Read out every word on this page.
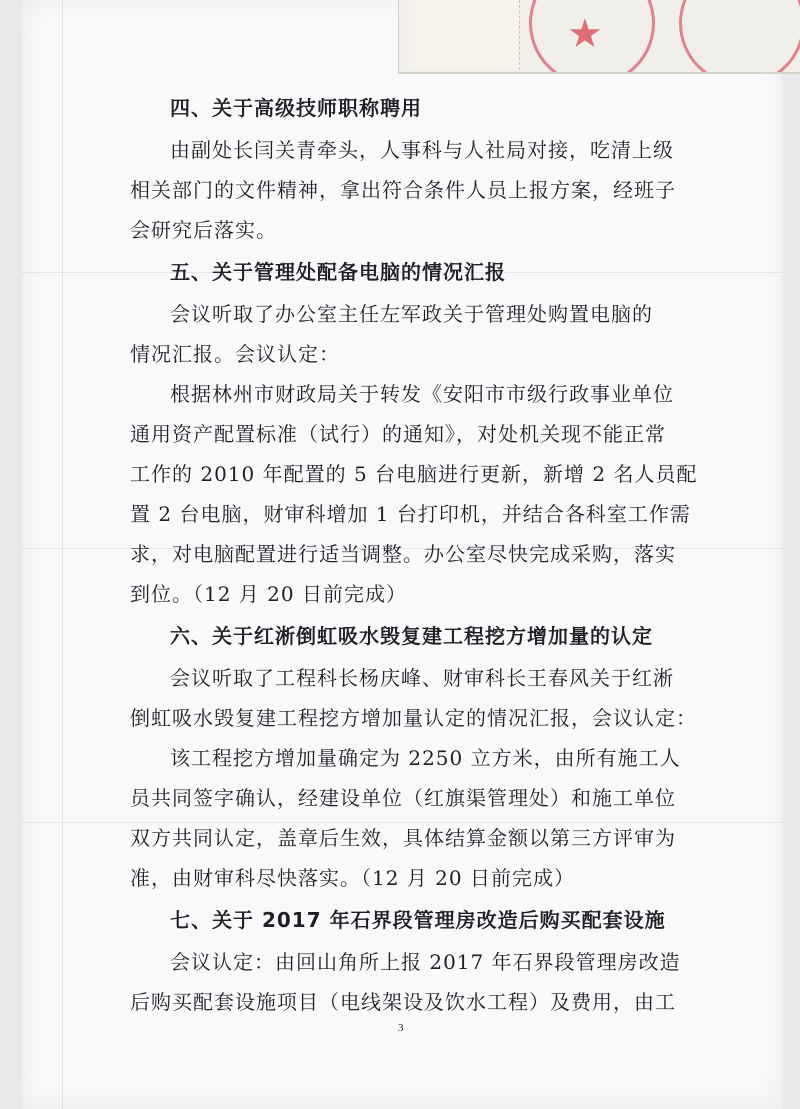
★
四、关于高级技师职称聘用
由副处长闫关青牵头，人事科与人社局对接，吃清上级
相关部门的文件精神，拿出符合条件人员上报方案，经班子
会研究后落实。
五、关于管理处配备电脑的情况汇报
会议听取了办公室主任左军政关于管理处购置电脑的
情况汇报。会议认定：
根据林州市财政局关于转发《安阳市市级行政事业单位
通用资产配置标准（试行）的通知》，对处机关现不能正常
工作的 2010 年配置的 5 台电脑进行更新，新增 2 名人员配
置 2 台电脑，财审科增加 1 台打印机，并结合各科室工作需
求，对电脑配置进行适当调整。办公室尽快完成采购，落实
到位。（12 月 20 日前完成）
六、关于红淅倒虹吸水毁复建工程挖方增加量的认定
会议听取了工程科长杨庆峰、财审科长王春风关于红淅
倒虹吸水毁复建工程挖方增加量认定的情况汇报，会议认定：
该工程挖方增加量确定为 2250 立方米，由所有施工人
员共同签字确认，经建设单位（红旗渠管理处）和施工单位
双方共同认定，盖章后生效，具体结算金额以第三方评审为
准，由财审科尽快落实。（12 月 20 日前完成）
七、关于 2017 年石界段管理房改造后购买配套设施
会议认定：由回山角所上报 2017 年石界段管理房改造
后购买配套设施项目（电线架设及饮水工程）及费用，由工
3
